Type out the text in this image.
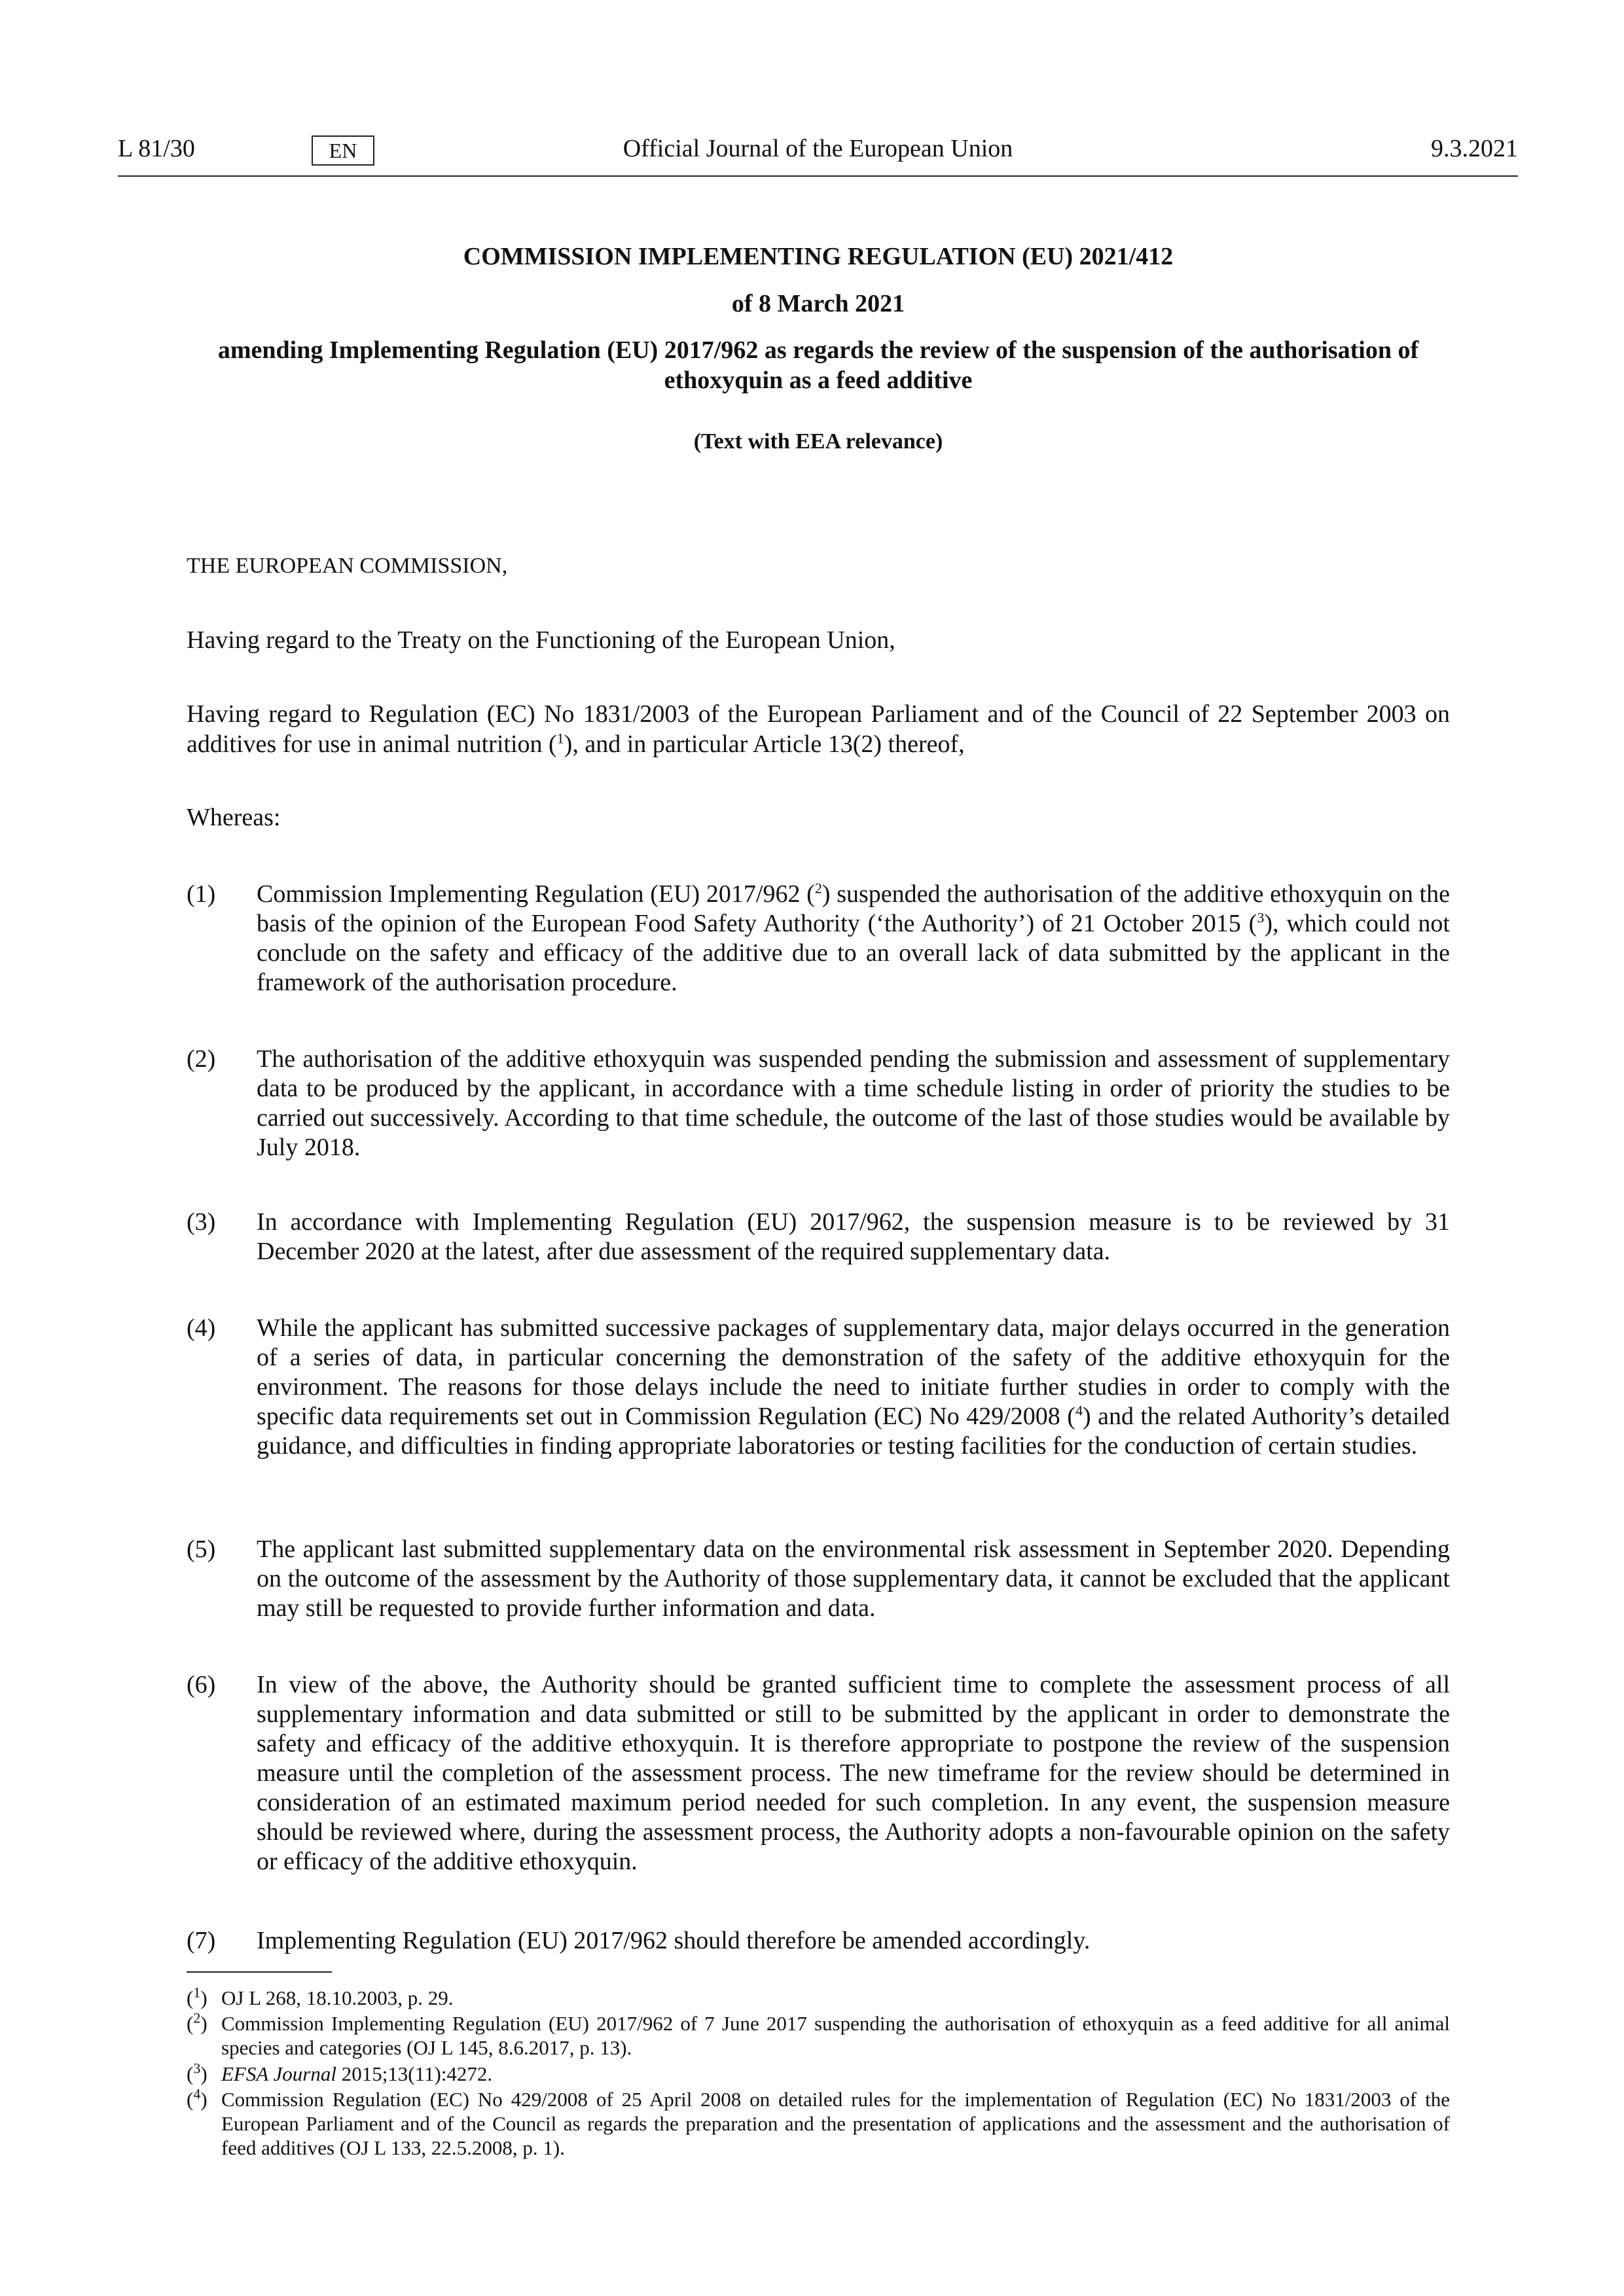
Official Journal of the European Union
L 81/30	EN	9.3.2021
COMMISSION IMPLEMENTING REGULATION (EU) 2021/412
of 8 March 2021
amending Implementing Regulation (EU) 2017/962 as regards the review of the suspension of the authorisation of ethoxyquin as a feed additive
(Text with EEA relevance)
THE EUROPEAN COMMISSION,
Having regard to the Treaty on the Functioning of the European Union,
Having regard to Regulation (EC) No 1831/2003 of the European Parliament and of the Council of 22 September 2003 on additives for use in animal nutrition ($^1$), and in particular Article 13(2) thereof,
Whereas:
(1) Commission Implementing Regulation (EU) 2017/962 ($^2$) suspended the authorisation of the additive ethoxyquin on the basis of the opinion of the European Food Safety Authority (‘the Authority’) of 21 October 2015 ($^3$), which could not conclude on the safety and efficacy of the additive due to an overall lack of data submitted by the applicant in the framework of the authorisation procedure.
(2) The authorisation of the additive ethoxyquin was suspended pending the submission and assessment of supplementary data to be produced by the applicant, in accordance with a time schedule listing in order of priority the studies to be carried out successively. According to that time schedule, the outcome of the last of those studies would be available by July 2018.
(3) In accordance with Implementing Regulation (EU) 2017/962, the suspension measure is to be reviewed by 31 December 2020 at the latest, after due assessment of the required supplementary data.
(4) While the applicant has submitted successive packages of supplementary data, major delays occurred in the generation of a series of data, in particular concerning the demonstration of the safety of the additive ethoxyquin for the environment. The reasons for those delays include the need to initiate further studies in order to comply with the specific data requirements set out in Commission Regulation (EC) No 429/2008 ($^4$) and the related Authority’s detailed guidance, and difficulties in finding appropriate laboratories or testing facilities for the conduction of certain studies.
(5) The applicant last submitted supplementary data on the environmental risk assessment in September 2020. Depending on the outcome of the assessment by the Authority of those supplementary data, it cannot be excluded that the applicant may still be requested to provide further information and data.
(6) In view of the above, the Authority should be granted sufficient time to complete the assessment process of all supplementary information and data submitted or still to be submitted by the applicant in order to demonstrate the safety and efficacy of the additive ethoxyquin. It is therefore appropriate to postpone the review of the suspension measure until the completion of the assessment process. The new timeframe for the review should be determined in consideration of an estimated maximum period needed for such completion. In any event, the suspension measure should be reviewed where, during the assessment process, the Authority adopts a non-favourable opinion on the safety or efficacy of the additive ethoxyquin.
(7) Implementing Regulation (EU) 2017/962 should therefore be amended accordingly.
($^1$) OJ L 268, 18.10.2003, p. 29.
($^2$) Commission Implementing Regulation (EU) 2017/962 of 7 June 2017 suspending the authorisation of ethoxyquin as a feed additive for all animal species and categories (OJ L 145, 8.6.2017, p. 13).
($^3$) EFSA Journal 2015;13(11):4272.
($^4$) Commission Regulation (EC) No 429/2008 of 25 April 2008 on detailed rules for the implementation of Regulation (EC) No 1831/2003 of the European Parliament and of the Council as regards the preparation and the presentation of applications and the assessment and the authorisation of feed additives (OJ L 133, 22.5.2008, p. 1).
